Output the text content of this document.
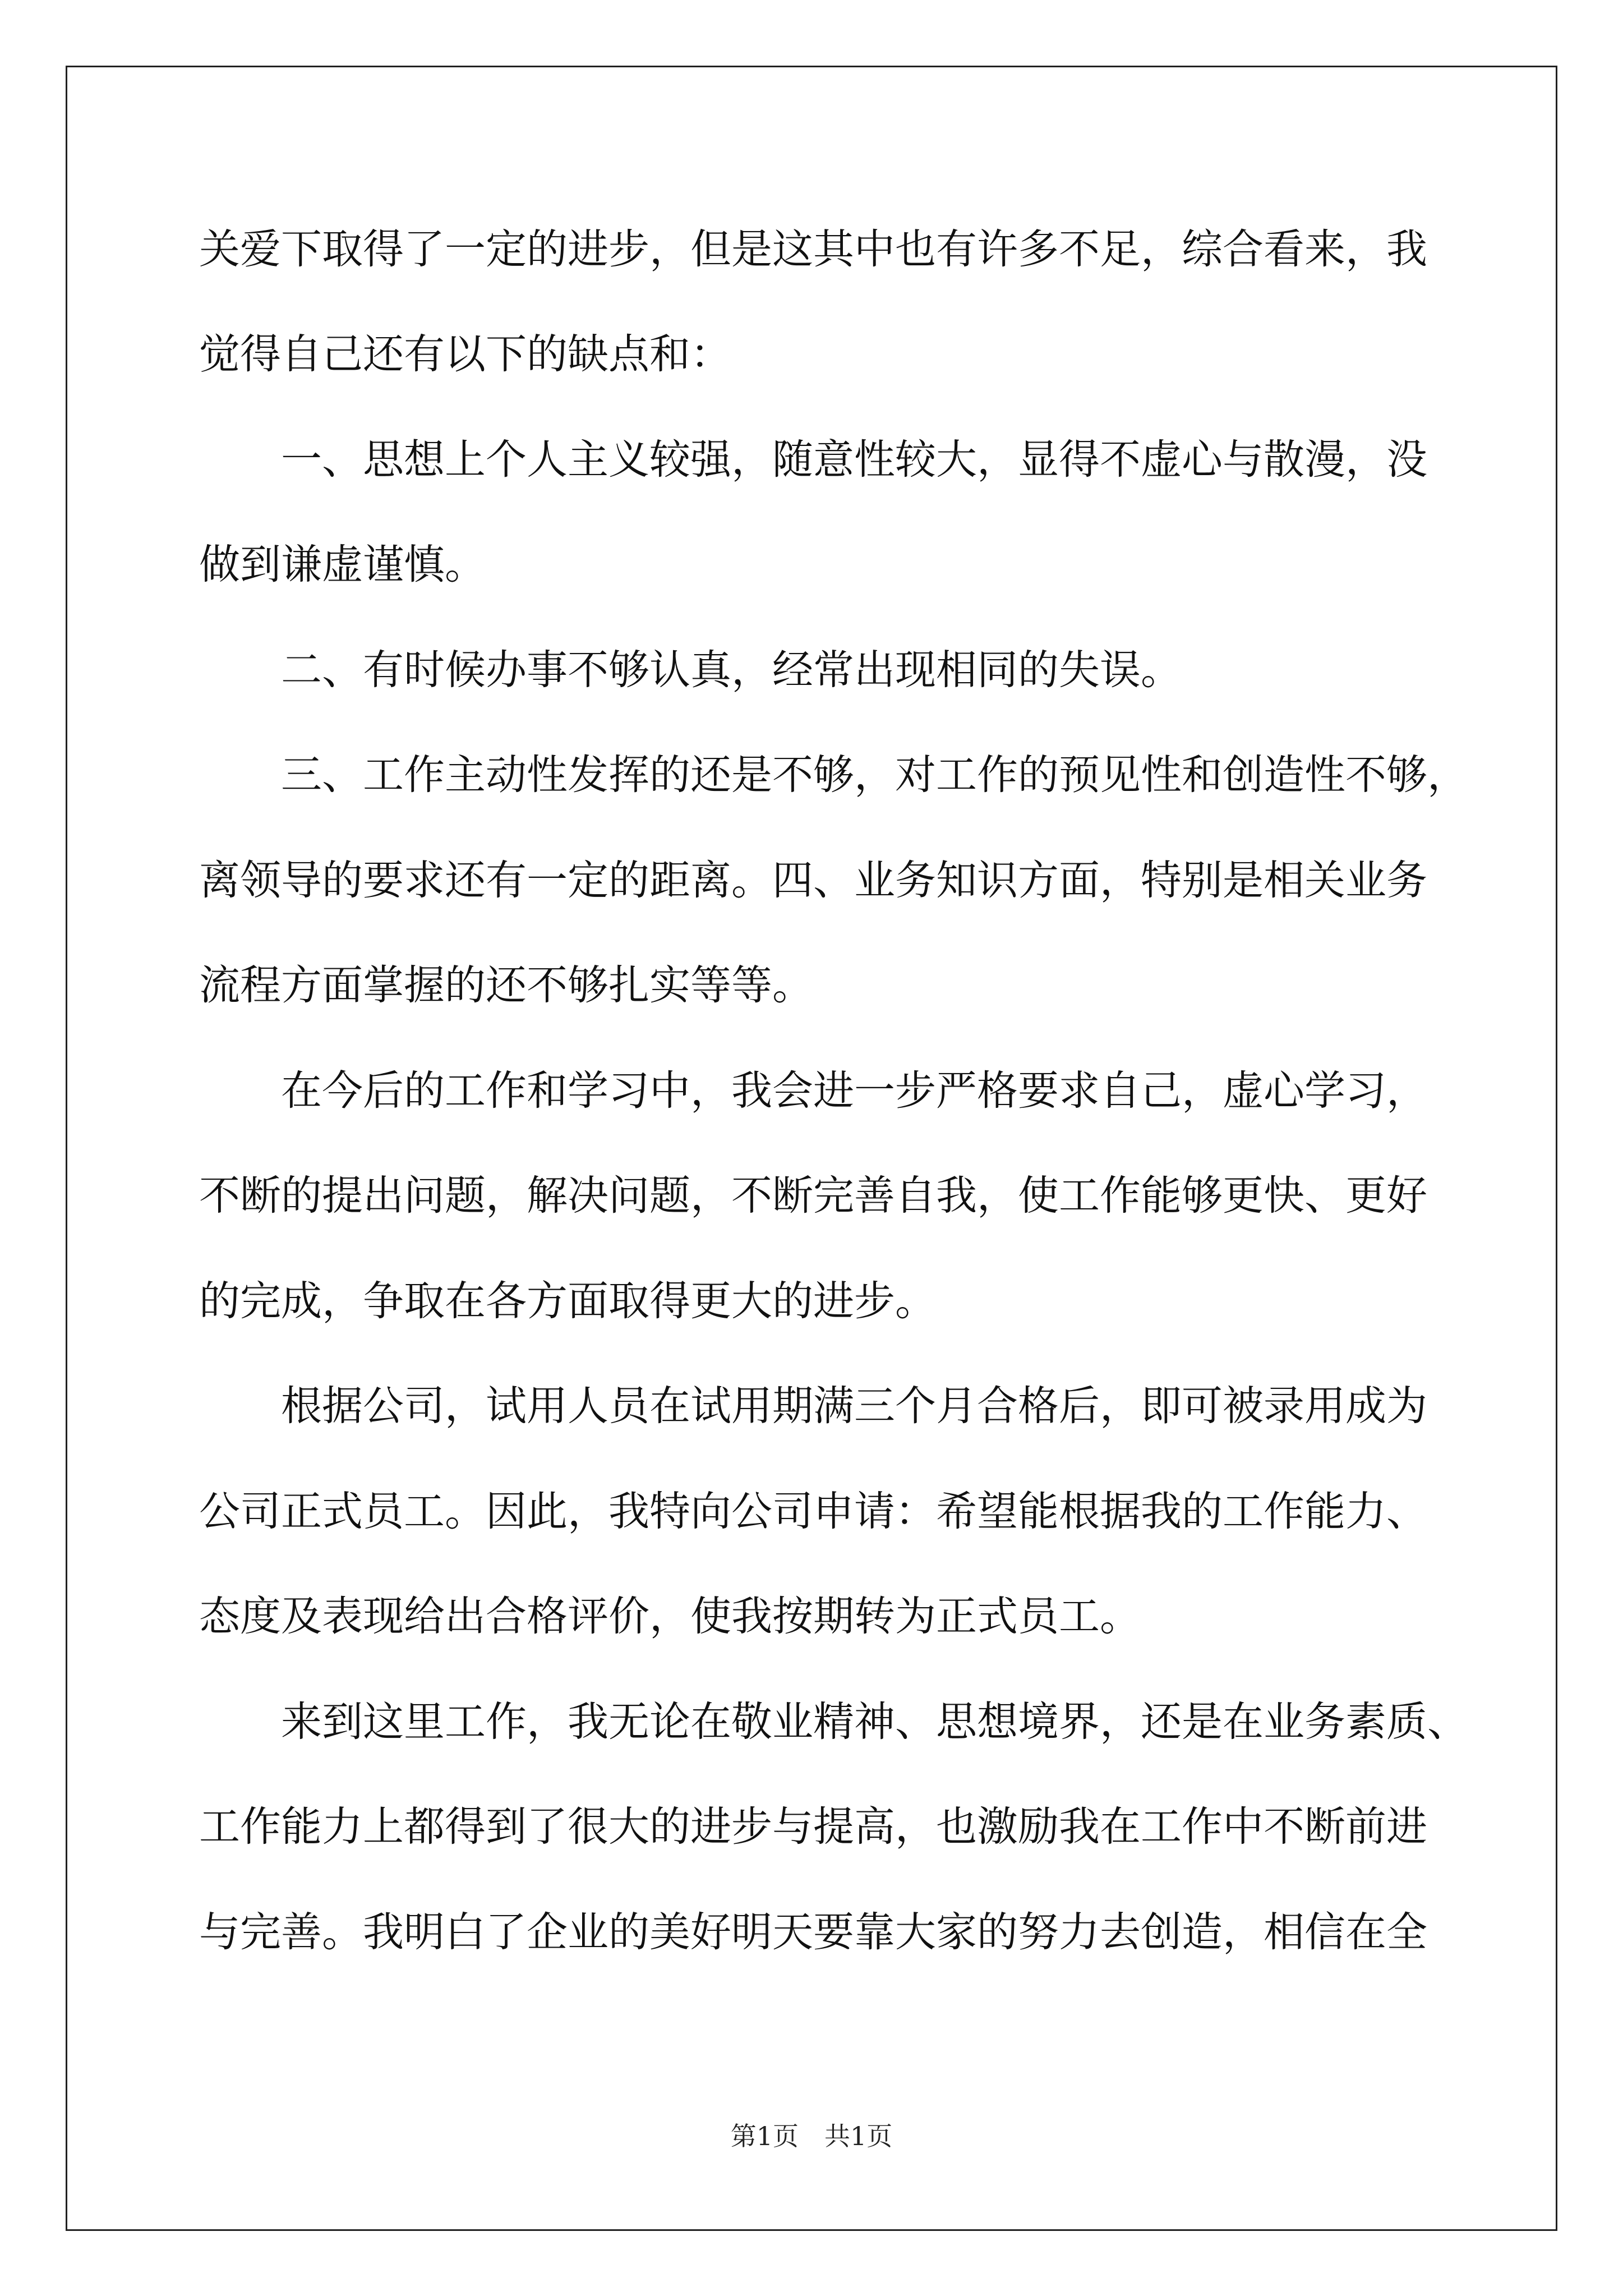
关爱下取得了一定的进步，但是这其中也有许多不足，综合看来，我
觉得自己还有以下的缺点和：
一、思想上个人主义较强，随意性较大，显得不虚心与散漫，没
做到谦虚谨慎。
二、有时候办事不够认真，经常出现相同的失误。
三、工作主动性发挥的还是不够，对工作的预见性和创造性不够，
离领导的要求还有一定的距离。四、业务知识方面，特别是相关业务
流程方面掌握的还不够扎实等等。
在今后的工作和学习中，我会进一步严格要求自己，虚心学习，
不断的提出问题，解决问题，不断完善自我，使工作能够更快、更好
的完成，争取在各方面取得更大的进步。
根据公司，试用人员在试用期满三个月合格后，即可被录用成为
公司正式员工。因此，我特向公司申请：希望能根据我的工作能力、
态度及表现给出合格评价，使我按期转为正式员工。
来到这里工作，我无论在敬业精神、思想境界，还是在业务素质、
工作能力上都得到了很大的进步与提高，也激励我在工作中不断前进
与完善。我明白了企业的美好明天要靠大家的努力去创造，相信在全
第1页 共1页
